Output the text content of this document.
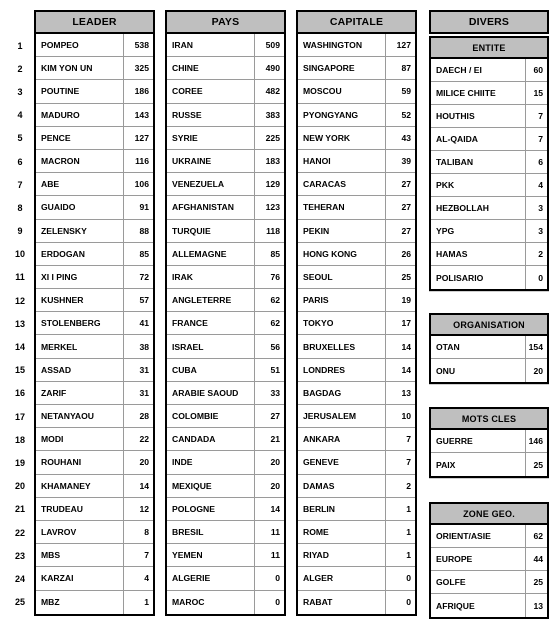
1
2
3
4
5
6
7
8
9
10
11
12
13
14
15
16
17
18
19
20
21
22
23
24
25
LEADER
POMPEO	538
KIM YON UN	325
POUTINE	186
MADURO	143
PENCE	127
MACRON	116
ABE	106
GUAIDO	91
ZELENSKY	88
ERDOGAN	85
XI I PING	72
KUSHNER	57
STOLENBERG	41
MERKEL	38
ASSAD	31
ZARIF	31
NETANYAOU	28
MODI	22
ROUHANI	20
KHAMANEY	14
TRUDEAU	12
LAVROV	8
MBS	7
KARZAI	4
MBZ	1
PAYS
IRAN	509
CHINE	490
COREE	482
RUSSE	383
SYRIE	225
UKRAINE	183
VENEZUELA	129
AFGHANISTAN	123
TURQUIE	118
ALLEMAGNE	85
IRAK	76
ANGLETERRE	62
FRANCE	62
ISRAEL	56
CUBA	51
ARABIE SAOUD	33
COLOMBIE	27
CANDADA	21
INDE	20
MEXIQUE	20
POLOGNE	14
BRESIL	11
YEMEN	11
ALGERIE	0
MAROC	0
CAPITALE
WASHINGTON	127
SINGAPORE	87
MOSCOU	59
PYONGYANG	52
NEW YORK	43
HANOI	39
CARACAS	27
TEHERAN	27
PEKIN	27
HONG KONG	26
SEOUL	25
PARIS	19
TOKYO	17
BRUXELLES	14
LONDRES	14
BAGDAG	13
JERUSALEM	10
ANKARA	7
GENEVE	7
DAMAS	2
BERLIN	1
ROME	1
RIYAD	1
ALGER	0
RABAT	0
DIVERS
ENTITE
DAECH / EI	60
MILICE CHIITE	15
HOUTHIS	7
AL-QAIDA	7
TALIBAN	6
PKK	4
HEZBOLLAH	3
YPG	3
HAMAS	2
POLISARIO	0
ORGANISATION
OTAN	154
ONU	20
MOTS CLES
GUERRE	146
PAIX	25
ZONE GEO.
ORIENT/ASIE	62
EUROPE	44
GOLFE	25
AFRIQUE	13
